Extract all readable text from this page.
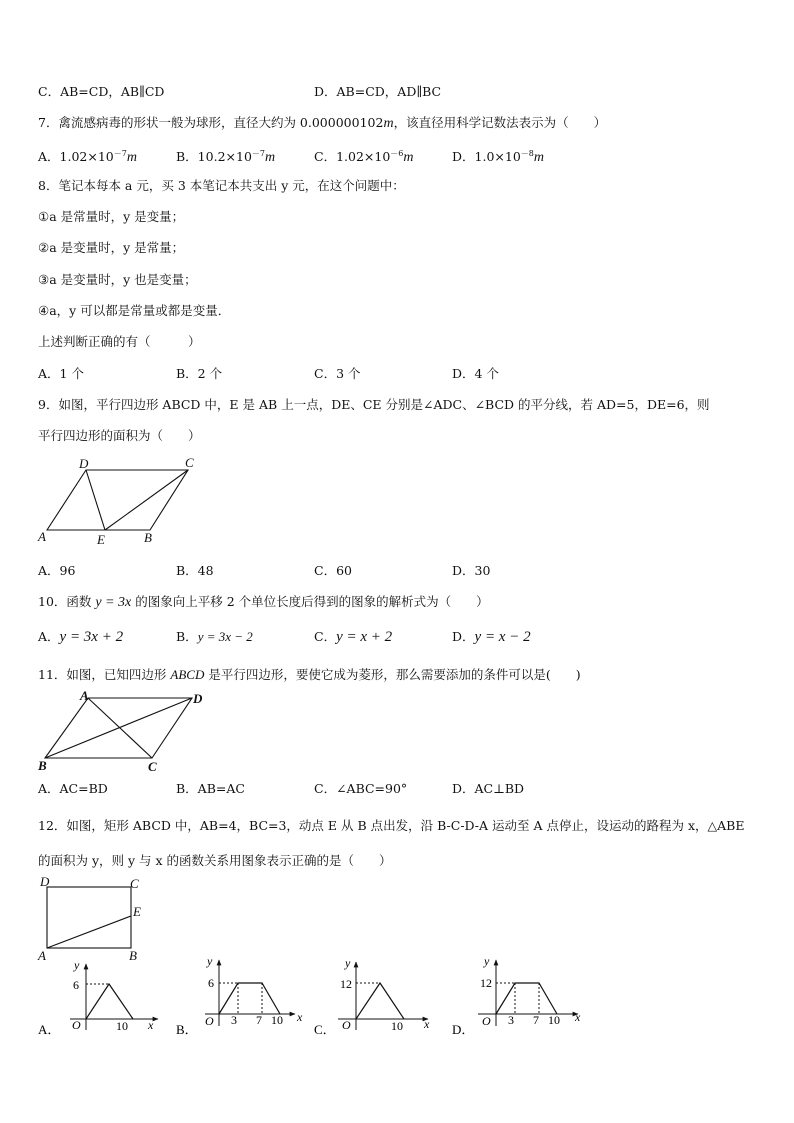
C．AB=CD，AB∥CD	D．AB=CD，AD∥BC
7．禽流感病毒的形状一般为球形，直径大约为 0.000000102m，该直径用科学记数法表示为（　　）
A．$1.02\times 10^{-7}m$	B．$10.2\times 10^{-7}m$	C．$1.02\times 10^{-6}m$	D．$1.0\times 10^{-8}m$
8．笔记本每本 a 元，买 3 本笔记本共支出 y 元，在这个问题中：
①a 是常量时，y 是变量；
②a 是变量时，y 是常量；
③a 是变量时，y 也是变量；
④a，y 可以都是常量或都是变量．
上述判断正确的有（　　　）
A．1 个	B．2 个	C．3 个	D．4 个
9．如图，平行四边形 ABCD 中，E 是 AB 上一点，DE、CE 分别是∠ADC、∠BCD 的平分线，若 AD=5，DE=6，则
平行四边形的面积为（　　）
A
D	C
E	B
A．96	B．48	C．60	D．30
10．函数 y = 3x 的图象向上平移 2 个单位长度后得到的图象的解析式为（　　）
A．y = 3x + 2	B．y = 3x − 2	C．y = x + 2	D．y = x − 2
11．如图，已知四边形 ABCD 是平行四边形，要使它成为菱形，那么需要添加的条件可以是(　　)
A	D
B	C
A．AC=BD	B．AB=AC	C．∠ABC=90°	D．AC⊥BD
12．如图，矩形 ABCD 中，AB=4，BC=3，动点 E 从 B 点出发，沿 B-C-D-A 运动至 A 点停止，设运动的路程为 x，△ABE
的面积为 y，则 y 与 x 的函数关系用图象表示正确的是（　　）
D	C
E
A	B
A．
y
6
O	10 x B．
y
6
O 3 7 10 x
C．
y
12
O	10 x D．
y
12
O 3 7 10 x
